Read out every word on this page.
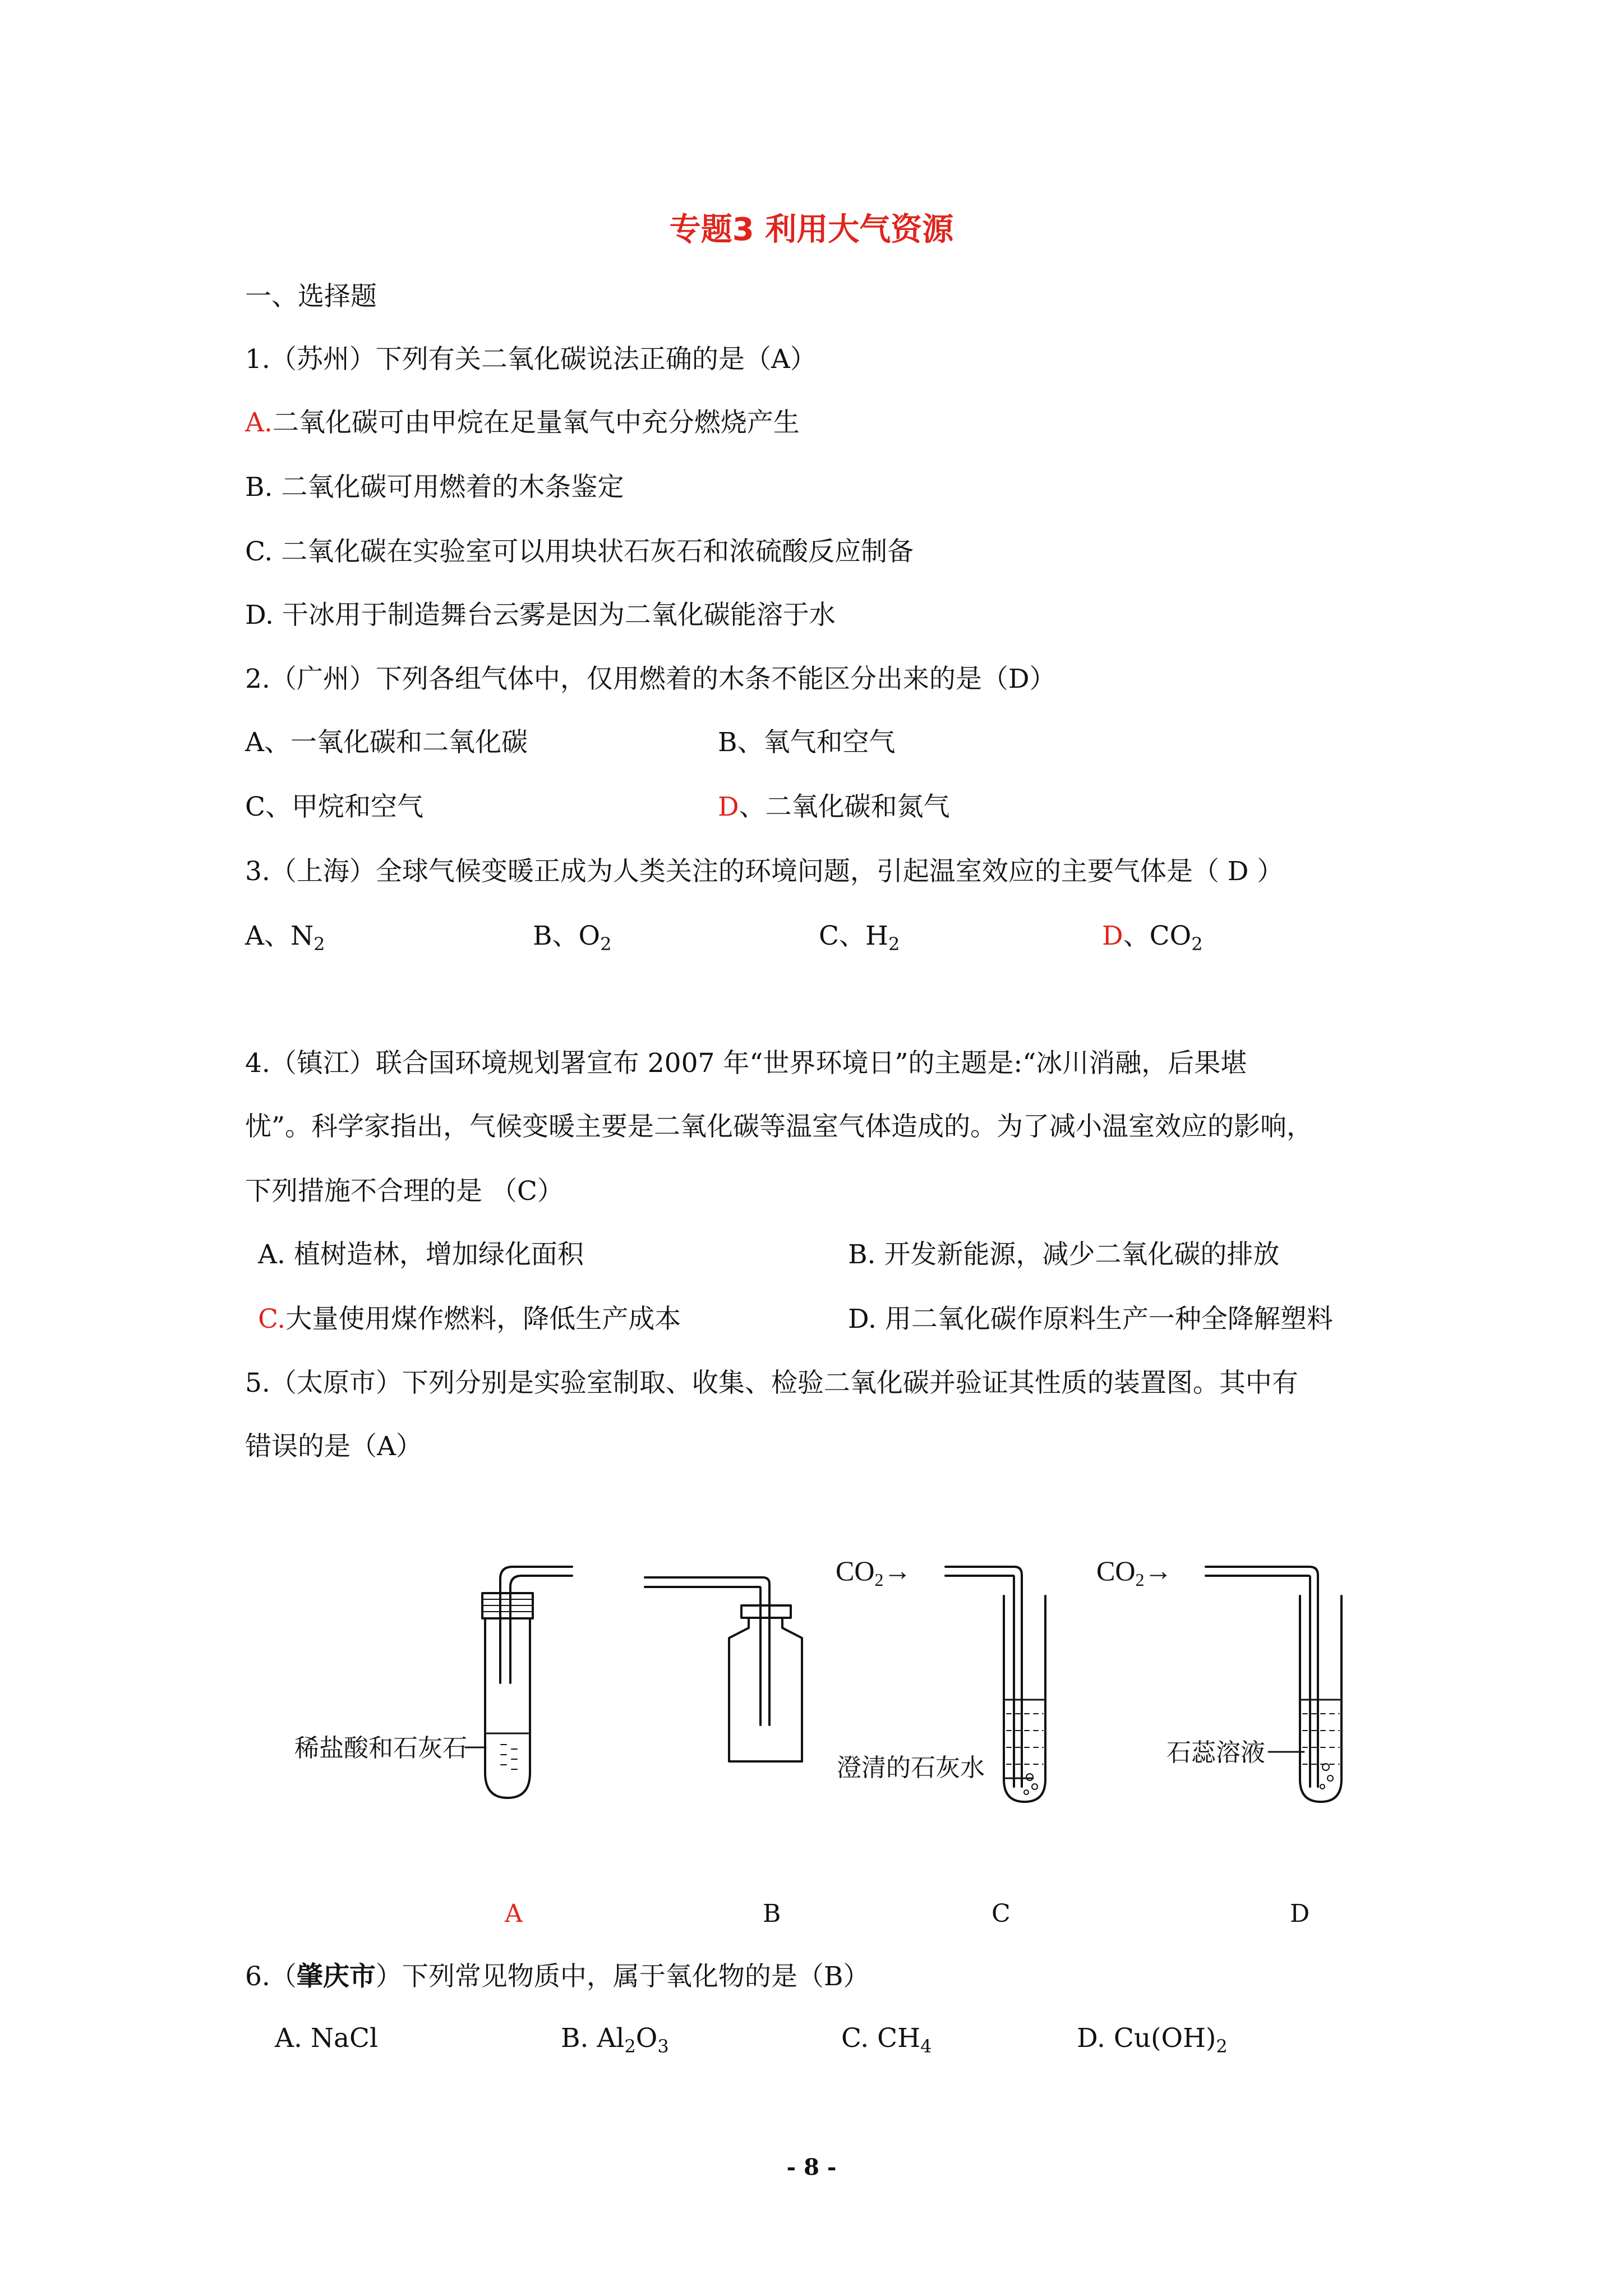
专题3 利用大气资源
一、选择题
1.（苏州）下列有关二氧化碳说法正确的是（A）
A.二氧化碳可由甲烷在足量氧气中充分燃烧产生
B. 二氧化碳可用燃着的木条鉴定
C. 二氧化碳在实验室可以用块状石灰石和浓硫酸反应制备
D. 干冰用于制造舞台云雾是因为二氧化碳能溶于水
2.（广州）下列各组气体中，仅用燃着的木条不能区分出来的是（D）
A、一氧化碳和二氧化碳	B、氧气和空气
C、甲烷和空气	D、二氧化碳和氮气
3.（上海）全球气候变暖正成为人类关注的环境问题，引起温室效应的主要气体是（ D ）
A、$N_2$	B、$O_2$	C、$H_2$	D、$CO_2$
4.（镇江）联合国环境规划署宣布 2007 年“世界环境日”的主题是:“冰川消融，后果堪
忧”。科学家指出，气候变暖主要是二氧化碳等温室气体造成的。为了减小温室效应的影响，
下列措施不合理的是 （C）
A. 植树造林，增加绿化面积	B. 开发新能源，减少二氧化碳的排放
C.大量使用煤作燃料，降低生产成本	D. 用二氧化碳作原料生产一种全降解塑料
5.（太原市）下列分别是实验室制取、收集、检验二氧化碳并验证其性质的装置图。其中有
错误的是（A）
稀盐酸和石灰石
澄清的石灰水
石蕊溶液
$CO_2\to$	$CO_2\to$
A	B	C	D
6.（肇庆市）下列常见物质中，属于氧化物的是（B）
A. NaCl	B. $Al_2O_3$	C. $CH_4$	D. $Cu(OH)_2$
- 8 -
